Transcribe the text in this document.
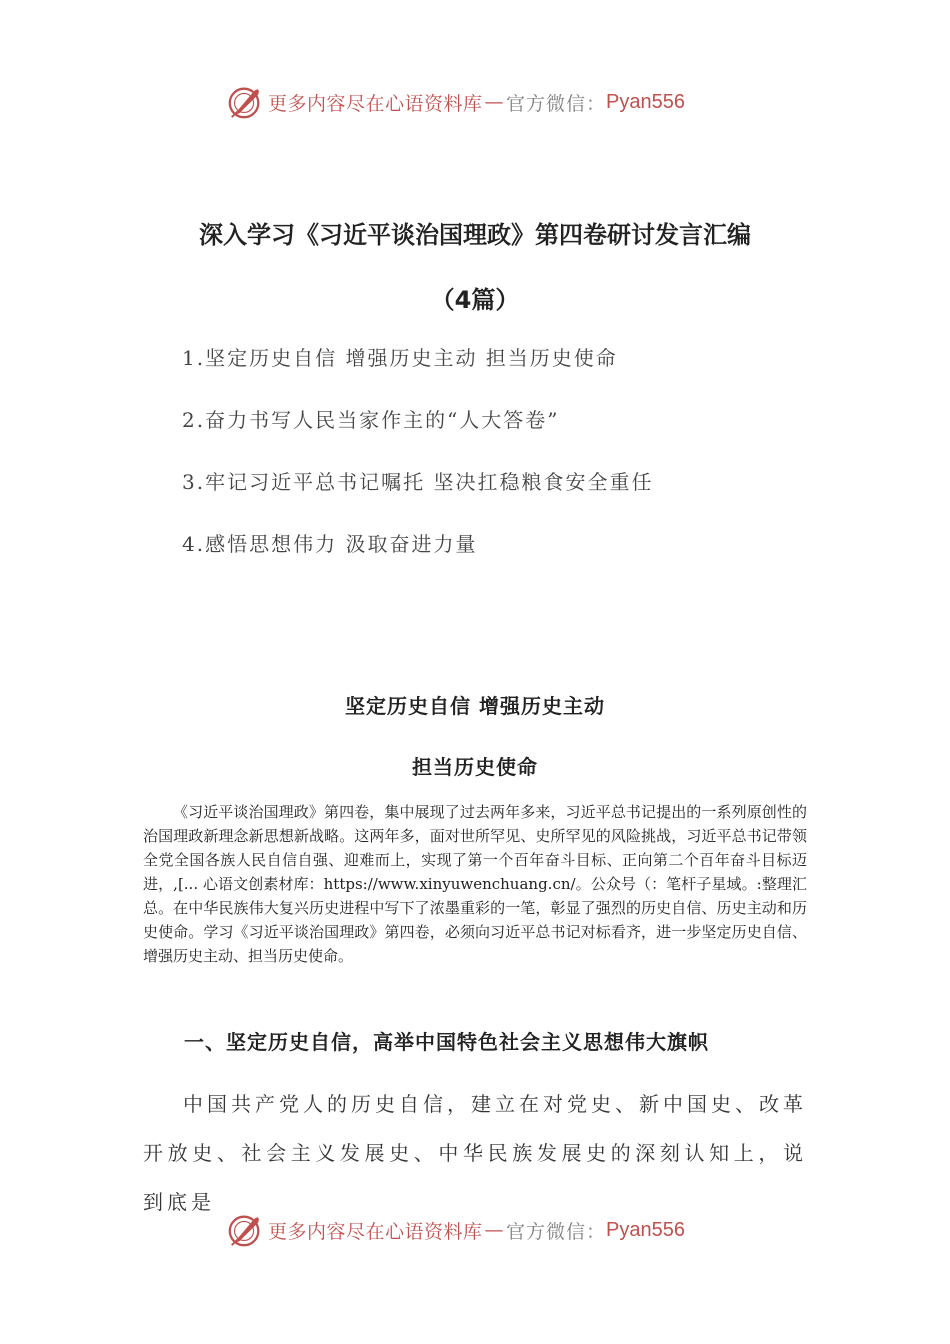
更多内容尽在心语资料库 — 官方微信： Pyan556
深入学习《习近平谈治国理政》第四卷研讨发言汇编
（4篇）
1.坚定历史自信 增强历史主动 担当历史使命
2.奋力书写人民当家作主的“人大答卷”
3.牢记习近平总书记嘱托 坚决扛稳粮食安全重任
4.感悟思想伟力 汲取奋进力量
坚定历史自信 增强历史主动
担当历史使命

《习近平谈治国理政》第四卷，集中展现了过去两年多来，习近平总书记提出的一系列原创性的治国理政新理念新思想新战略。这两年多，面对世所罕见、史所罕见的风险挑战，习近平总书记带领全党全国各族人民自信自强、迎难而上，实现了第一个百年奋斗目标、正向第二个百年奋斗目标迈进，,[... 心语文创素材库：https://www.xinyuwenchuang.cn/。公众号（：笔杆子星域。:整理汇总。在中华民族伟大复兴历史进程中写下了浓墨重彩的一笔，彰显了强烈的历史自信、历史主动和历史使命。学习《习近平谈治国理政》第四卷，必须向习近平总书记对标看齐，进一步坚定历史自信、增强历史主动、担当历史使命。

一、坚定历史自信，高举中国特色社会主义思想伟大旗帜

中国共产党人的历史自信，建立在对党史、新中国史、改革开放史、社会主义发展史、中华民族发展史的深刻认知上，说到底是

更多内容尽在心语资料库 — 官方微信： Pyan556
